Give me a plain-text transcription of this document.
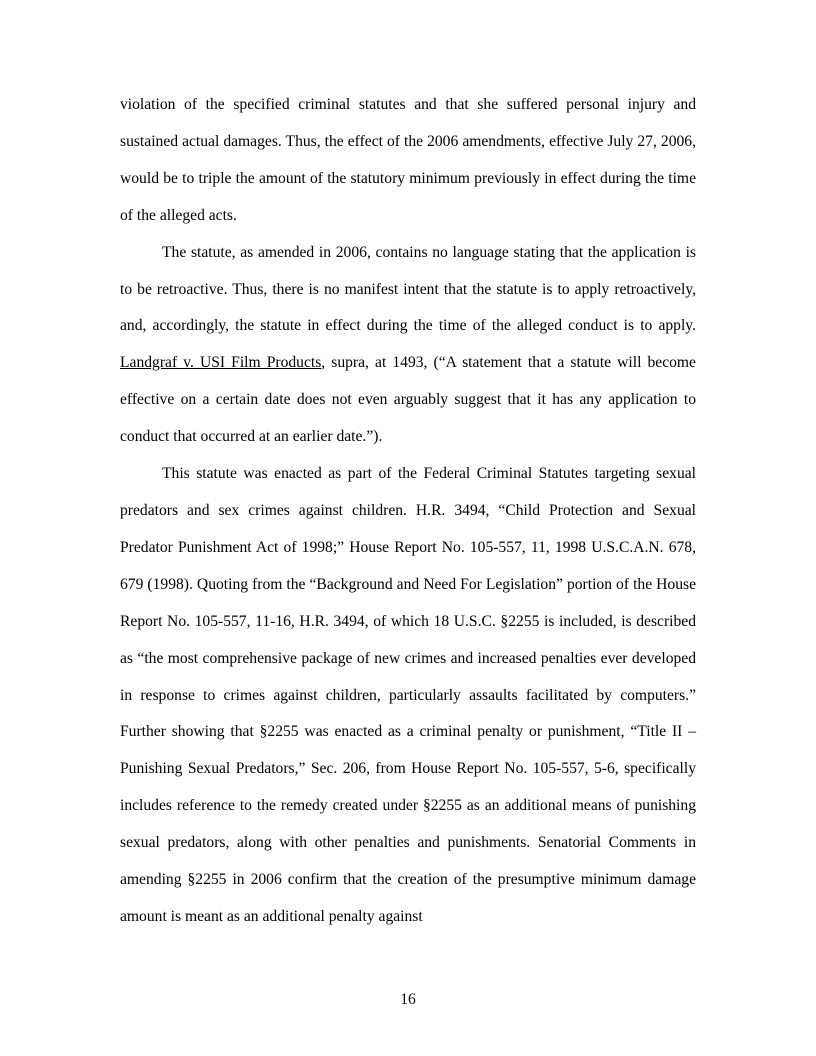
violation of the specified criminal statutes and that she suffered personal injury and sustained actual damages. Thus, the effect of the 2006 amendments, effective July 27, 2006, would be to triple the amount of the statutory minimum previously in effect during the time of the alleged acts.

The statute, as amended in 2006, contains no language stating that the application is to be retroactive. Thus, there is no manifest intent that the statute is to apply retroactively, and, accordingly, the statute in effect during the time of the alleged conduct is to apply. Landgraf v. USI Film Products, supra, at 1493, (“A statement that a statute will become effective on a certain date does not even arguably suggest that it has any application to conduct that occurred at an earlier date.”).

This statute was enacted as part of the Federal Criminal Statutes targeting sexual predators and sex crimes against children. H.R. 3494, “Child Protection and Sexual Predator Punishment Act of 1998;” House Report No. 105-557, 11, 1998 U.S.C.A.N. 678, 679 (1998). Quoting from the “Background and Need For Legislation” portion of the House Report No. 105-557, 11-16, H.R. 3494, of which 18 U.S.C. §2255 is included, is described as “the most comprehensive package of new crimes and increased penalties ever developed in response to crimes against children, particularly assaults facilitated by computers.” Further showing that §2255 was enacted as a criminal penalty or punishment, “Title II – Punishing Sexual Predators,” Sec. 206, from House Report No. 105-557, 5-6, specifically includes reference to the remedy created under §2255 as an additional means of punishing sexual predators, along with other penalties and punishments. Senatorial Comments in amending §2255 in 2006 confirm that the creation of the presumptive minimum damage amount is meant as an additional penalty against

16
